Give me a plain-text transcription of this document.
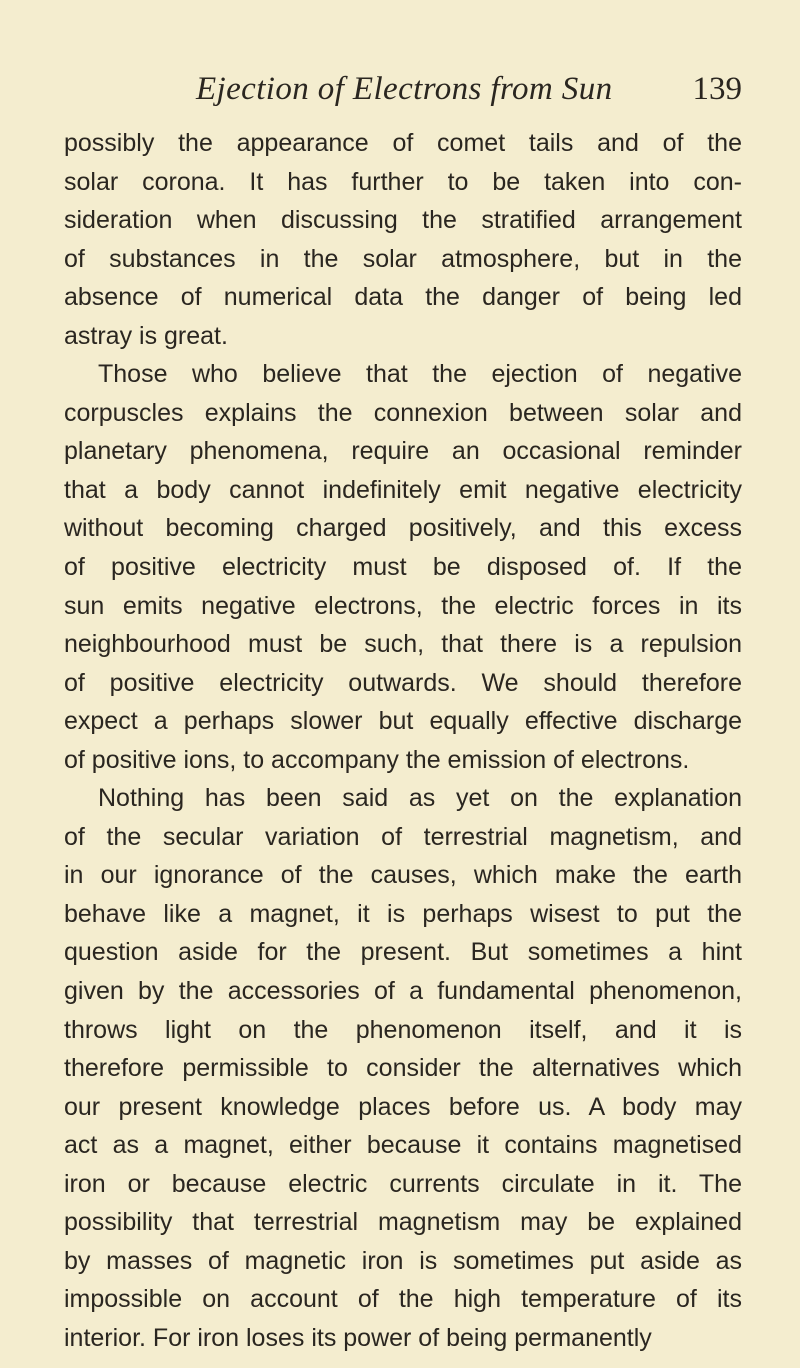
Ejection of Electrons from Sun 139
possibly the appearance of comet tails and of the
solar corona. It has further to be taken into con-
sideration when discussing the stratified arrangement
of substances in the solar atmosphere, but in the
absence of numerical data the danger of being led
astray is great.
Those who believe that the ejection of negative
corpuscles explains the connexion between solar and
planetary phenomena, require an occasional reminder
that a body cannot indefinitely emit negative electricity
without becoming charged positively, and this excess
of positive electricity must be disposed of. If the
sun emits negative electrons, the electric forces in its
neighbourhood must be such, that there is a repulsion
of positive electricity outwards. We should therefore
expect a perhaps slower but equally effective discharge
of positive ions, to accompany the emission of electrons.
Nothing has been said as yet on the explanation
of the secular variation of terrestrial magnetism, and
in our ignorance of the causes, which make the earth
behave like a magnet, it is perhaps wisest to put the
question aside for the present. But sometimes a hint
given by the accessories of a fundamental phenomenon,
throws light on the phenomenon itself, and it is
therefore permissible to consider the alternatives which
our present knowledge places before us. A body may
act as a magnet, either because it contains magnetised
iron or because electric currents circulate in it. The
possibility that terrestrial magnetism may be explained
by masses of magnetic iron is sometimes put aside as
impossible on account of the high temperature of its
interior. For iron loses its power of being permanently
